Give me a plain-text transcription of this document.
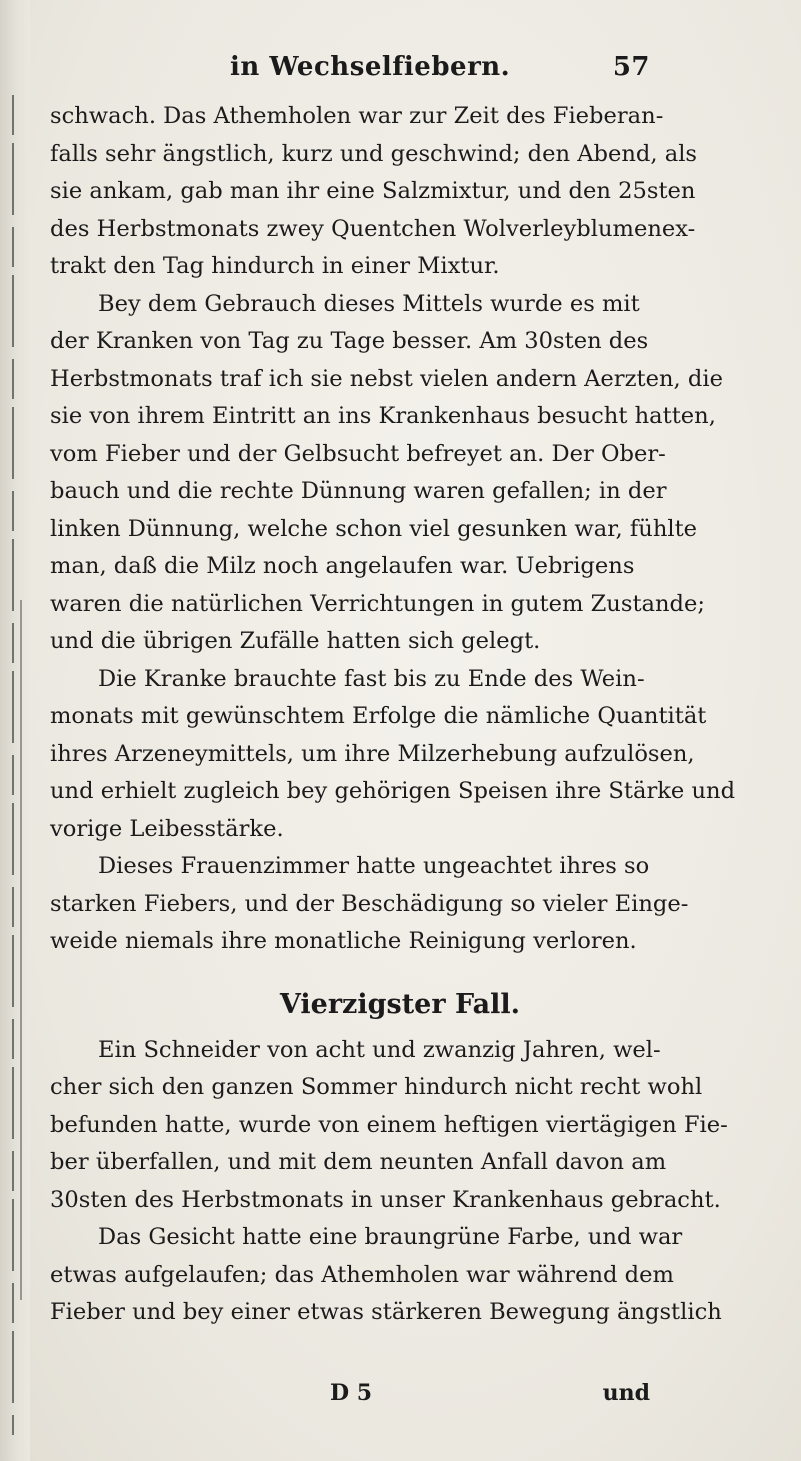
in Wechselfiebern.	57

schwach. Das Athemholen war zur Zeit des Fieberan-
falls sehr ängstlich, kurz und geschwind; den Abend, als
sie ankam, gab man ihr eine Salzmixtur, und den 25sten
des Herbstmonats zwey Quentchen Wolverleyblumenex-
trakt den Tag hindurch in einer Mixtur.

Bey dem Gebrauch dieses Mittels wurde es mit
der Kranken von Tag zu Tage besser. Am 30sten des
Herbstmonats traf ich sie nebst vielen andern Aerzten, die
sie von ihrem Eintritt an ins Krankenhaus besucht hatten,
vom Fieber und der Gelbsucht befreyet an. Der Ober-
bauch und die rechte Dünnung waren gefallen; in der
linken Dünnung, welche schon viel gesunken war, fühlte
man, daß die Milz noch angelaufen war. Uebrigens
waren die natürlichen Verrichtungen in gutem Zustande;
und die übrigen Zufälle hatten sich gelegt.

Die Kranke brauchte fast bis zu Ende des Wein-
monats mit gewünschtem Erfolge die nämliche Quantität
ihres Arzeneymittels, um ihre Milzerhebung aufzulösen,
und erhielt zugleich bey gehörigen Speisen ihre Stärke und
vorige Leibesstärke.

Dieses Frauenzimmer hatte ungeachtet ihres so
starken Fiebers, und der Beschädigung so vieler Einge-
weide niemals ihre monatliche Reinigung verloren.

Vierzigster Fall.

Ein Schneider von acht und zwanzig Jahren, wel-
cher sich den ganzen Sommer hindurch nicht recht wohl
befunden hatte, wurde von einem heftigen viertägigen Fie-
ber überfallen, und mit dem neunten Anfall davon am
30sten des Herbstmonats in unser Krankenhaus gebracht.

Das Gesicht hatte eine braungrüne Farbe, und war
etwas aufgelaufen; das Athemholen war während dem
Fieber und bey einer etwas stärkeren Bewegung ängstlich

D 5	und
